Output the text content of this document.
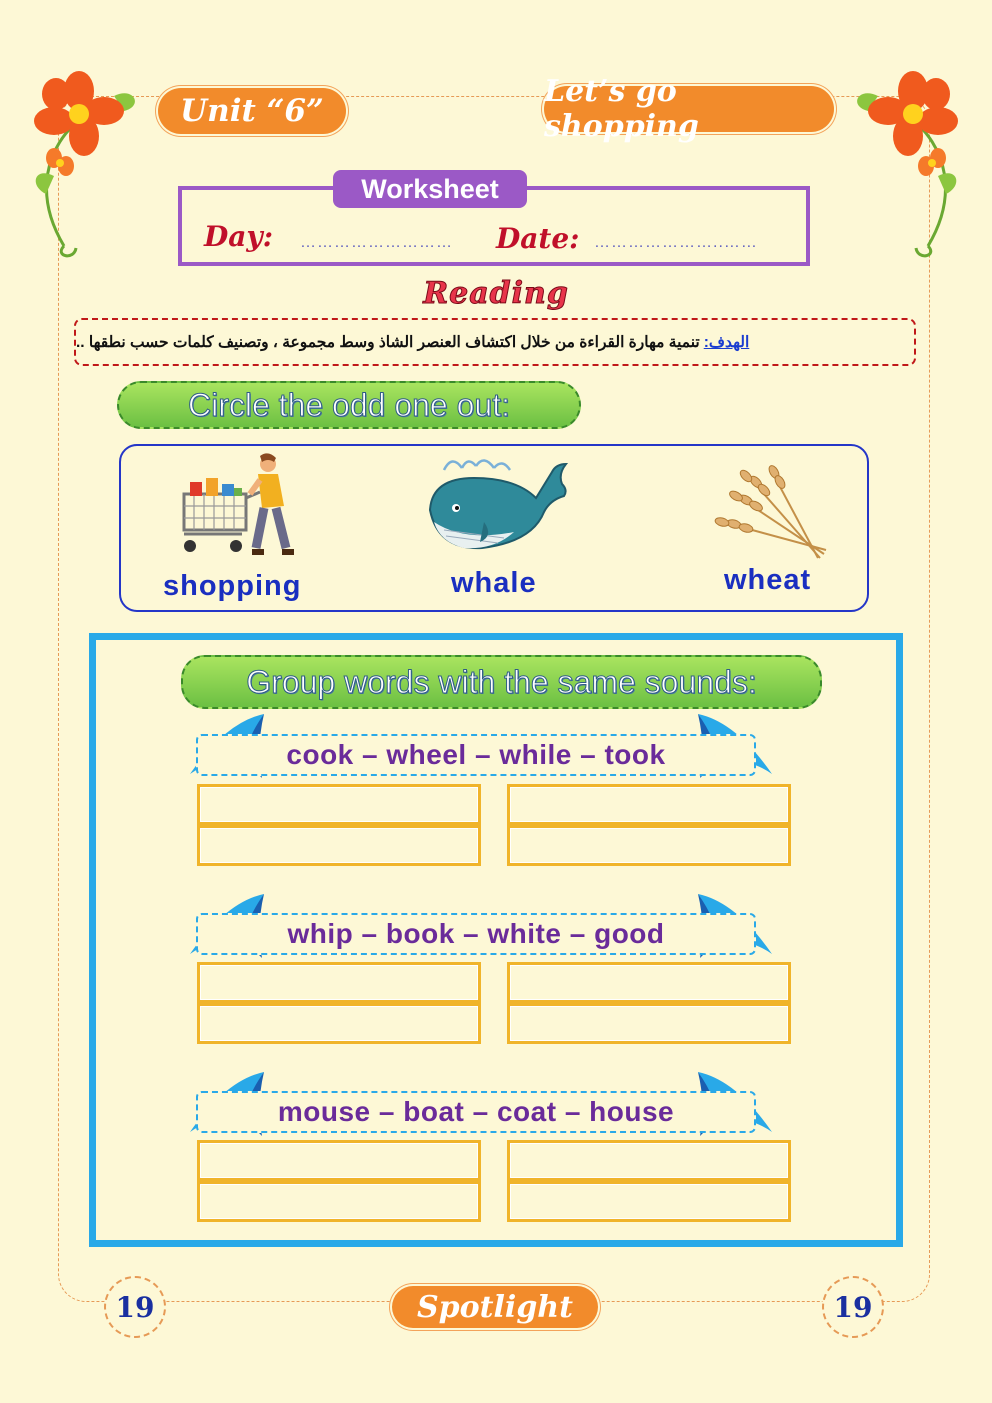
Unit “6”
Let’s go shopping
Day: ……………………… Date: …………………..……
Worksheet
Reading
الهدف:
تنمية مهارة القراءة من خلال اكتشاف العنصر الشاذ وسط مجموعة ، وتصنيف كلمات حسب نطقها ..
Circle the odd one out:
shopping	whale	wheat
Group words with the same sounds:
cook – wheel – while – took
whip – book – white – good
mouse – boat – coat – house
19	Spotlight	19
